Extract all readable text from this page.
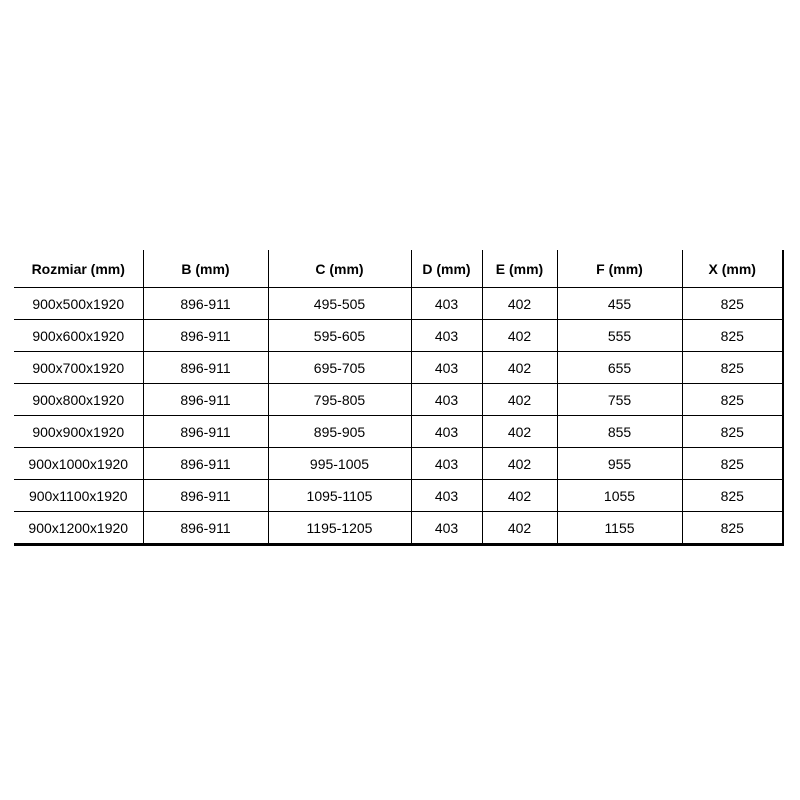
Rozmiar (mm)	B (mm)	C (mm)	D (mm)	E (mm)	F (mm)	X (mm)
900x500x1920	896-911	495-505	403	402	455	825
900x600x1920	896-911	595-605	403	402	555	825
900x700x1920	896-911	695-705	403	402	655	825
900x800x1920	896-911	795-805	403	402	755	825
900x900x1920	896-911	895-905	403	402	855	825
900x1000x1920	896-911	995-1005	403	402	955	825
900x1100x1920	896-911	1095-1105	403	402	1055	825
900x1200x1920	896-911	1195-1205	403	402	1155	825
